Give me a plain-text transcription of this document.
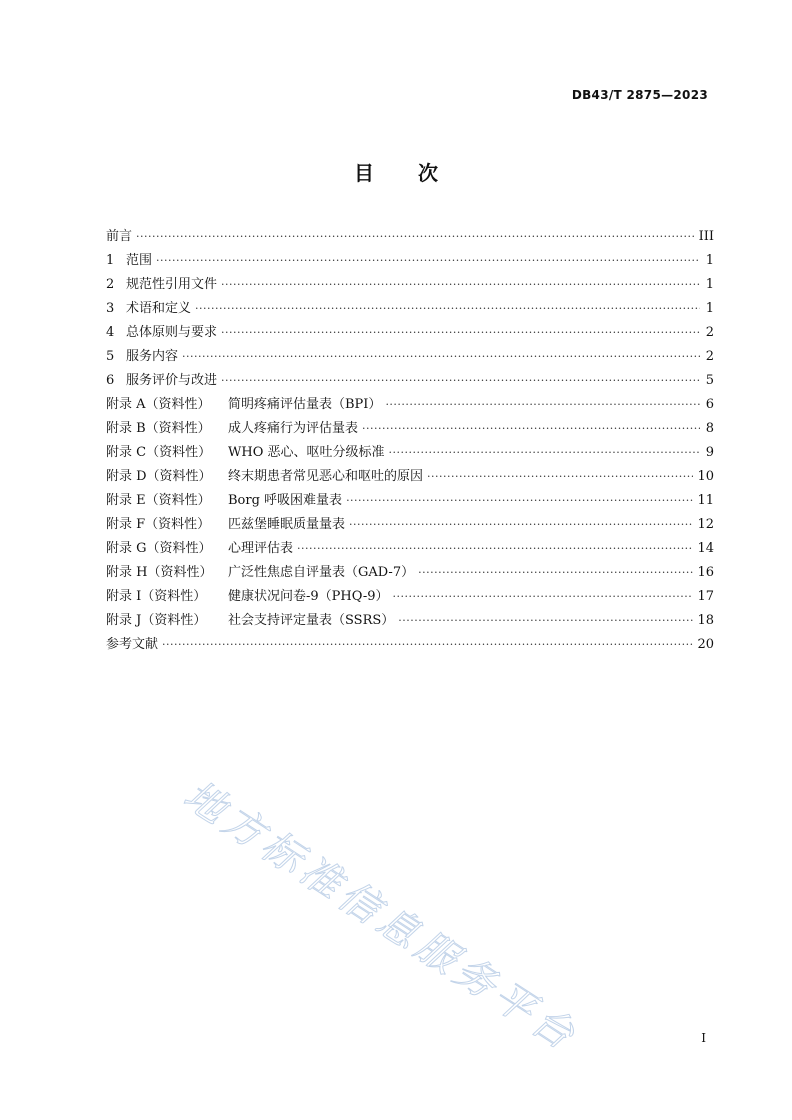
DB43/T 2875—2023
目 次
前言 ·····	III
1 范围 ·····	1
2 规范性引用文件 ·····	1
3 术语和定义 ·····	1
4 总体原则与要求 ·····	2
5 服务内容 ·····	2
6 服务评价与改进 ·····	5
附录 A（资料性）	简明疼痛评估量表（BPI） ·····	6
附录 B（资料性）	成人疼痛行为评估量表 ·····	8
附录 C（资料性）	WHO 恶心、呕吐分级标准 ·····	9
附录 D（资料性）	终末期患者常见恶心和呕吐的原因 ·····	10
附录 E（资料性）	Borg 呼吸困难量表 ·····	11
附录 F（资料性）	匹兹堡睡眠质量量表 ·····	12
附录 G（资料性）	心理评估表 ·····	14
附录 H（资料性）	广泛性焦虑自评量表（GAD-7） ·····	16
附录 I（资料性）	健康状况问卷-9（PHQ-9） ·····	17
附录 J（资料性）	社会支持评定量表（SSRS） ·····	18
参考文献 ·····	20
地方标准信息服务平台	I
